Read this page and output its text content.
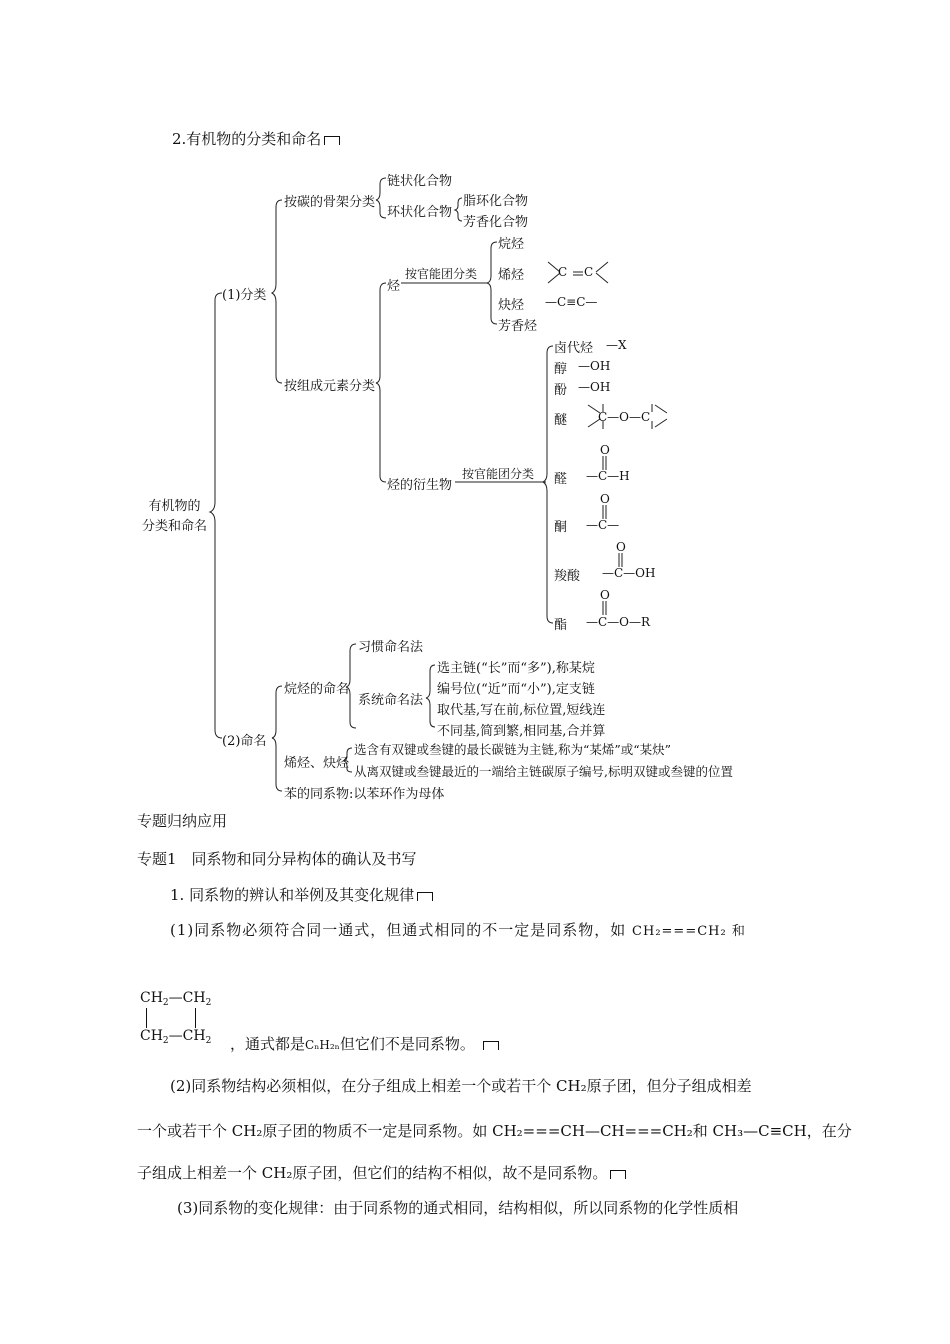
2.有机物的分类和命名
有机物的
分类和命名
(1)分类
按碳的骨架分类
链状化合物
环状化合物
脂环化合物
芳香化合物
按组成元素分类
烃
按官能团分类
烷烃
烯烃	C C
炔烃 —C≡C—
芳香烃
烃的衍生物
按官能团分类
卤代烃 —X
醇 —OH
酚 —OH
醚	C—O—C
醛
O
—C—H
酮
O
—C—
羧酸
O
—C—OH
酯
O
—C—O—R
(2)命名
烷烃的命名
习惯命名法
系统命名法
选主链(“长”而“多”),称某烷
编号位(“近”而“小”),定支链
取代基,写在前,标位置,短线连
不同基,简到繁,相同基,合并算
烯烃、炔烃
选含有双键或叁键的最长碳链为主链,称为“某烯”或“某炔”
从离双键或叁键最近的一端给主链碳原子编号,标明双键或叁键的位置
苯的同系物:以苯环作为母体
专题归纳应用
专题1　同系物和同分异构体的确认及书写
1. 同系物的辨认和举例及其变化规律
(1)同系物必须符合同一通式，但通式相同的不一定是同系物，如 CH₂===CH₂ 和
$CH_2—CH_2$
$CH_2—CH_2$ ，通式都是CₙH₂ₙ但它们不是同系物。
(2)同系物结构必须相似，在分子组成上相差一个或若干个 CH₂原子团，但分子组成相差
一个或若干个 CH₂原子团的物质不一定是同系物。如 CH₂===CH—CH===CH₂和 CH₃—C≡CH，在分
子组成上相差一个 CH₂原子团，但它们的结构不相似，故不是同系物。
(3)同系物的变化规律：由于同系物的通式相同，结构相似，所以同系物的化学性质相
